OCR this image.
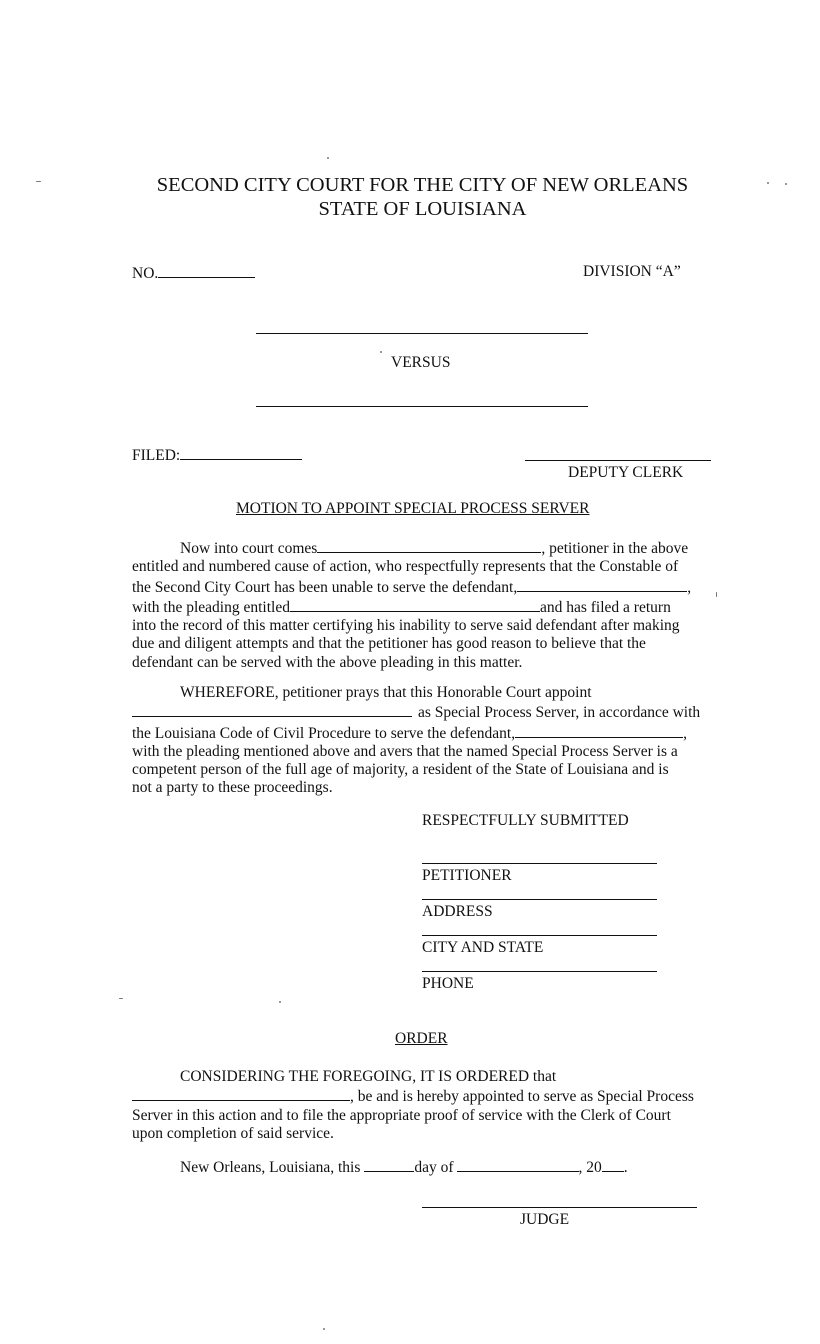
SECOND CITY COURT FOR THE CITY OF NEW ORLEANS
STATE OF LOUISIANA
NO.	DIVISION “A”
VERSUS
FILED:
DEPUTY CLERK
MOTION TO APPOINT SPECIAL PROCESS SERVER
Now into court comes	, petitioner in the above
entitled and numbered cause of action, who respectfully represents that the Constable of
the Second City Court has been unable to serve the defendant,	,
with the pleading entitled	and has filed a return
into the record of this matter certifying his inability to serve said defendant after making
due and diligent attempts and that the petitioner has good reason to believe that the
defendant can be served with the above pleading in this matter.
WHEREFORE, petitioner prays that this Honorable Court appoint
as Special Process Server, in accordance with
the Louisiana Code of Civil Procedure to serve the defendant,	,
with the pleading mentioned above and avers that the named Special Process Server is a
competent person of the full age of majority, a resident of the State of Louisiana and is
not a party to these proceedings.
RESPECTFULLY SUBMITTED
PETITIONER
ADDRESS
CITY AND STATE
PHONE
ORDER
CONSIDERING THE FOREGOING, IT IS ORDERED that
, be and is hereby appointed to serve as Special Process
Server in this action and to file the appropriate proof of service with the Clerk of Court
upon completion of said service.
New Orleans, Louisiana, this	day of	, 20 .
JUDGE
